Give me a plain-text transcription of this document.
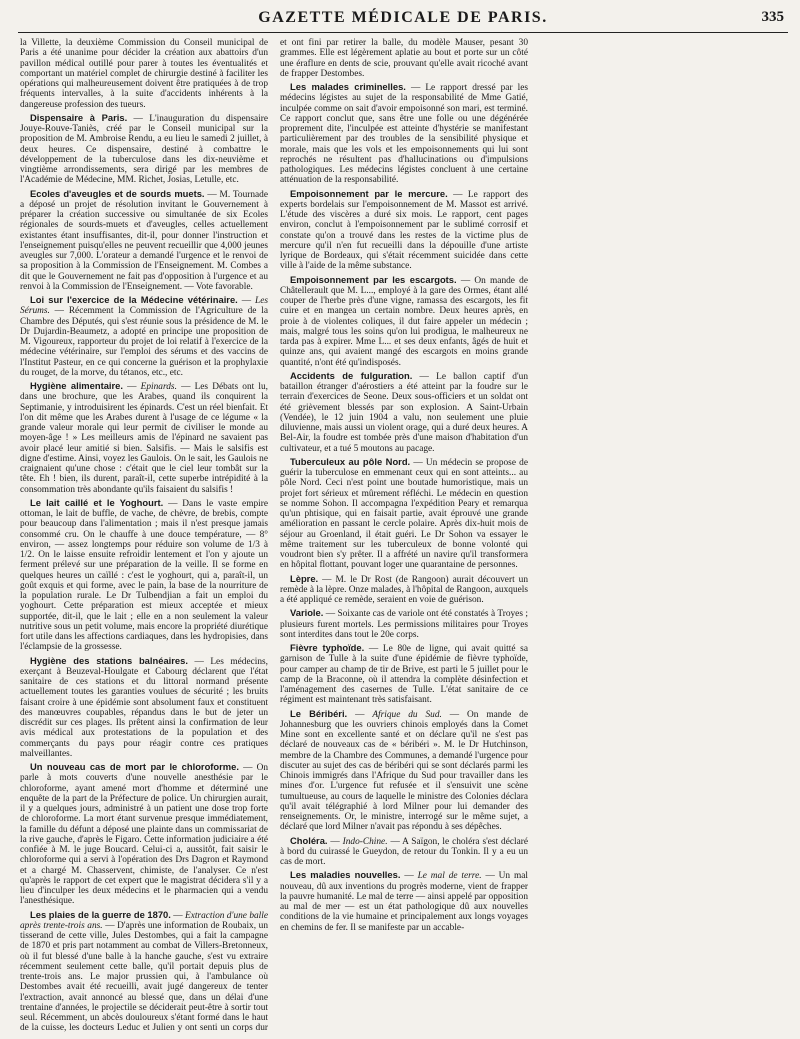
GAZETTE MÉDICALE DE PARIS.	335

la Villette, la deuxième Commission du Conseil municipal de Paris a été unanime pour décider la création aux abattoirs d'un pavillon médical outillé pour parer à toutes les éventualités et comportant un matériel complet de chirurgie destiné à faciliter les opérations qui malheureusement doivent être pratiquées à de trop fréquents intervalles, à la suite d'accidents inhérents à la dangereuse profession des tueurs.

Dispensaire à Paris. — L'inauguration du dispensaire Jouye-Rouve-Taniès, créé par le Conseil municipal sur la proposition de M. Ambroise Rendu, a eu lieu le samedi 2 juillet, à deux heures. Ce dispensaire, destiné à combattre le développement de la tuberculose dans les dix-neuvième et vingtième arrondissements, sera dirigé par les membres de l'Académie de Médecine, MM. Richet, Josias, Letulle, etc.

Ecoles d'aveugles et de sourds muets. — M. Tournade a déposé un projet de résolution invitant le Gouvernement à préparer la création successive ou simultanée de six Ecoles régionales de sourds-muets et d'aveugles, celles actuellement existantes étant insuffisantes, dit-il, pour donner l'instruction et l'enseignement puisqu'elles ne peuvent recueillir que 4,000 jeunes aveugles sur 7,000. L'orateur a demandé l'urgence et le renvoi de sa proposition à la Commission de l'Enseignement. M. Combes a dit que le Gouvernement ne fait pas d'opposition à l'urgence et au renvoi à la Commission de l'Enseignement. — Vote favorable.

Loi sur l'exercice de la Médecine vétérinaire. — Les Sérums. — Récemment la Commission de l'Agriculture de la Chambre des Députés, qui s'est réunie sous la présidence de M. le Dr Dujardin-Beaumetz, a adopté en principe une proposition de M. Vigoureux, rapporteur du projet de loi relatif à l'exercice de la médecine vétérinaire, sur l'emploi des sérums et des vaccins de l'Institut Pasteur, en ce qui concerne la guérison et la prophylaxie du rouget, de la morve, du tétanos, etc., etc.

Hygiène alimentaire. — Epinards. — Les Débats ont lu, dans une brochure, que les Arabes, quand ils conquirent la Septimanie, y introduisirent les épinards. C'est un réel bienfait. Et l'on dit même que les Arabes durent à l'usage de ce légume « la grande valeur morale qui leur permit de civiliser le monde au moyen-âge ! » Les meilleurs amis de l'épinard ne savaient pas avoir placé leur amitié si bien. Salsifis. — Mais le salsifis est digne d'estime. Ainsi, voyez les Gaulois. On le sait, les Gaulois ne craignaient qu'une chose : c'était que le ciel leur tombât sur la tête. Eh ! bien, ils durent, paraît-il, cette superbe intrépidité à la consommation très abondante qu'ils faisaient du salsifis !

Le lait caillé et le Yoghourt. — Dans le vaste empire ottoman, le lait de buffle, de vache, de chèvre, de brebis, compte pour beaucoup dans l'alimentation ; mais il n'est presque jamais consommé cru. On le chauffe à une douce température, — 8° environ, — assez longtemps pour réduire son volume de 1/3 à 1/2. On le laisse ensuite refroidir lentement et l'on y ajoute un ferment prélevé sur une préparation de la veille. Il se forme en quelques heures un caïllé : c'est le yoghourt, qui a, paraît-il, un goût exquis et qui forme, avec le pain, la base de la nourriture de la population rurale. Le Dr Tulbendjian a fait un emploi du yoghourt. Cette préparation est mieux acceptée et mieux supportée, dit-il, que le lait ; elle en a non seulement la valeur nutritive sous un petit volume, mais encore la propriété diurétique fort utile dans les affections cardiaques, dans les hydropisies, dans l'éclampsie de la grossesse.

Hygiène des stations balnéaires. — Les médecins, exerçant à Beuzeval-Houlgate et Cabourg déclarent que l'état sanitaire de ces stations et du littoral normand présente actuellement toutes les garanties voulues de sécurité ; les bruits faisant croire à une épidémie sont absolument faux et constituent des manœuvres coupables, répandus dans le but de jeter un discrédit sur ces plages. Ils prêtent ainsi la confirmation de leur avis médical aux protestations de la population et des commerçants du pays pour réagir contre ces pratiques malveillantes.

Un nouveau cas de mort par le chloroforme. — On parle à mots couverts d'une nouvelle anesthésie par le chloroforme, ayant amené mort d'homme et déterminé une enquête de la part de la Préfecture de police. Un chirurgien aurait, il y a quelques jours, administré à un patient une dose trop forte de chloroforme. La mort étant survenue presque immédiatement, la famille du défunt a déposé une plainte dans un commissariat de la rive gauche, d'après le Figaro. Cette information judiciaire a été confiée à M. le juge Boucard. Celui-ci a, aussitôt, fait saisir le chloroforme qui a servi à l'opération des Drs Dagron et Raymond et a chargé M. Chasservent, chimiste, de l'analyser. Ce n'est qu'après le rapport de cet expert que le magistrat décidera s'il y a lieu d'inculper les deux médecins et le pharmacien qui a vendu l'anesthésique.

Les plaies de la guerre de 1870. — Extraction d'une balle après trente-trois ans. — D'après une information de Roubaix, un tisserand de cette ville, Jules Destombes, qui a fait la campagne de 1870 et pris part notamment au combat de Villers-Bretonneux, où il fut blessé d'une balle à la hanche gauche, s'est vu extraire récemment seulement cette balle, qu'il portait depuis plus de trente-trois ans. Le major prussien qui, à l'ambulance où Destombes avait été recueilli, avait jugé dangereux de tenter l'extraction, avait annoncé au blessé que, dans un délai d'une trentaine d'années, le projectile se déciderait peut-être à sortir tout seul. Récemment, un abcès douloureux s'étant formé dans le haut de la cuisse, les docteurs Leduc et Julien y ont senti un corps dur et ont fini par retirer la balle, du modèle Mauser, pesant 30 grammes. Elle est légèrement aplatie au bout et porte sur un côté une éraflure en dents de scie, prouvant qu'elle avait ricoché avant de frapper Destombes.

Les malades criminelles. — Le rapport dressé par les médecins légistes au sujet de la responsabilité de Mme Gatié, inculpée comme on sait d'avoir empoisonné son mari, est terminé. Ce rapport conclut que, sans être une folle ou une dégénérée proprement dite, l'inculpée est atteinte d'hystérie se manifestant particulièrement par des troubles de la sensibilité physique et morale, mais que les vols et les empoisonnements qui lui sont reprochés ne résultent pas d'hallucinations ou d'impulsions pathologiques. Les médecins légistes concluent à une certaine atténuation de la responsabilité.

Empoisonnement par le mercure. — Le rapport des experts bordelais sur l'empoisonnement de M. Massot est arrivé. L'étude des viscères a duré six mois. Le rapport, cent pages environ, conclut à l'empoisonnement par le sublimé corrosif et constate qu'on a trouvé dans les restes de la victime plus de mercure qu'il n'en fut recueilli dans la dépouille d'une artiste lyrique de Bordeaux, qui s'était récemment suicidée dans cette ville à l'aide de la même substance.

Empoisonnement par les escargots. — On mande de Châtellerault que M. L..., employé à la gare des Ormes, étant allé couper de l'herbe près d'une vigne, ramassa des escargots, les fit cuire et en mangea un certain nombre. Deux heures après, en proie à de violentes coliques, il dut faire appeler un médecin ; mais, malgré tous les soins qu'on lui prodigua, le malheureux ne tarda pas à expirer. Mme L... et ses deux enfants, âgés de huit et quinze ans, qui avaient mangé des escargots en moins grande quantité, n'ont été qu'indisposés.

Accidents de fulguration. — Le ballon captif d'un bataillon étranger d'aérostiers a été atteint par la foudre sur le terrain d'exercices de Seone. Deux sous-officiers et un soldat ont été grièvement blessés par son explosion. A Saint-Urbain (Vendée), le 12 juin 1904 a valu, non seulement une pluie diluvienne, mais aussi un violent orage, qui a duré deux heures. A Bel-Air, la foudre est tombée près d'une maison d'habitation d'un cultivateur, et a tué 5 moutons au pacage.

Tuberculeux au pôle Nord. — Un médecin se propose de guérir la tuberculose en emmenant ceux qui en sont atteints... au pôle Nord. Ceci n'est point une boutade humoristique, mais un projet fort sérieux et mûrement réfléchi. Le médecin en question se nomme Sohon. Il accompagna l'expédition Peary et remarqua qu'un phtisique, qui en faisait partie, avait éprouvé une grande amélioration en passant le cercle polaire. Après dix-huit mois de séjour au Groenland, il était guéri. Le Dr Sohon va essayer le même traitement sur les tuberculeux de bonne volonté qui voudront bien s'y prêter. Il a affrété un navire qu'il transformera en hôpital flottant, pouvant loger une quarantaine de personnes.

Lèpre. — M. le Dr Rost (de Rangoon) aurait découvert un remède à la lèpre. Onze malades, à l'hôpital de Rangoon, auxquels a été appliqué ce remède, seraient en voie de guérison.

Variole. — Soixante cas de variole ont été constatés à Troyes ; plusieurs furent mortels. Les permissions militaires pour Troyes sont interdites dans tout le 20e corps.

Fièvre typhoïde. — Le 80e de ligne, qui avait quitté sa garnison de Tulle à la suite d'une épidémie de fièvre typhoïde, pour camper au champ de tir de Brive, est parti le 5 juillet pour le camp de la Braconne, où il attendra la complète désinfection et l'aménagement des casernes de Tulle. L'état sanitaire de ce régiment est maintenant très satisfaisant.

Le Béribéri. — Afrique du Sud. — On mande de Johannesburg que les ouvriers chinois employés dans la Comet Mine sont en excellente santé et on déclare qu'il ne s'est pas déclaré de nouveaux cas de « béribéri ». M. le Dr Hutchinson, membre de la Chambre des Communes, a demandé l'urgence pour discuter au sujet des cas de béribéri qui se sont déclarés parmi les Chinois immigrés dans l'Afrique du Sud pour travailler dans les mines d'or. L'urgence fut refusée et il s'ensuivit une scène tumultueuse, au cours de laquelle le ministre des Colonies déclara qu'il avait télégraphié à lord Milner pour lui demander des renseignements. Or, le ministre, interrogé sur le même sujet, a déclaré que lord Milner n'avait pas répondu à ses dépêches.

Choléra. — Indo-Chine. — A Saïgon, le choléra s'est déclaré à bord du cuirassé le Gueydon, de retour du Tonkin. Il y a eu un cas de mort.

Les maladies nouvelles. — Le mal de terre. — Un mal nouveau, dû aux inventions du progrès moderne, vient de frapper la pauvre humanité. Le mal de terre — ainsi appelé par opposition au mal de mer — est un état pathologique dû aux nouvelles conditions de la vie humaine et principalement aux longs voyages en chemins de fer. Il se manifeste par un accable-
